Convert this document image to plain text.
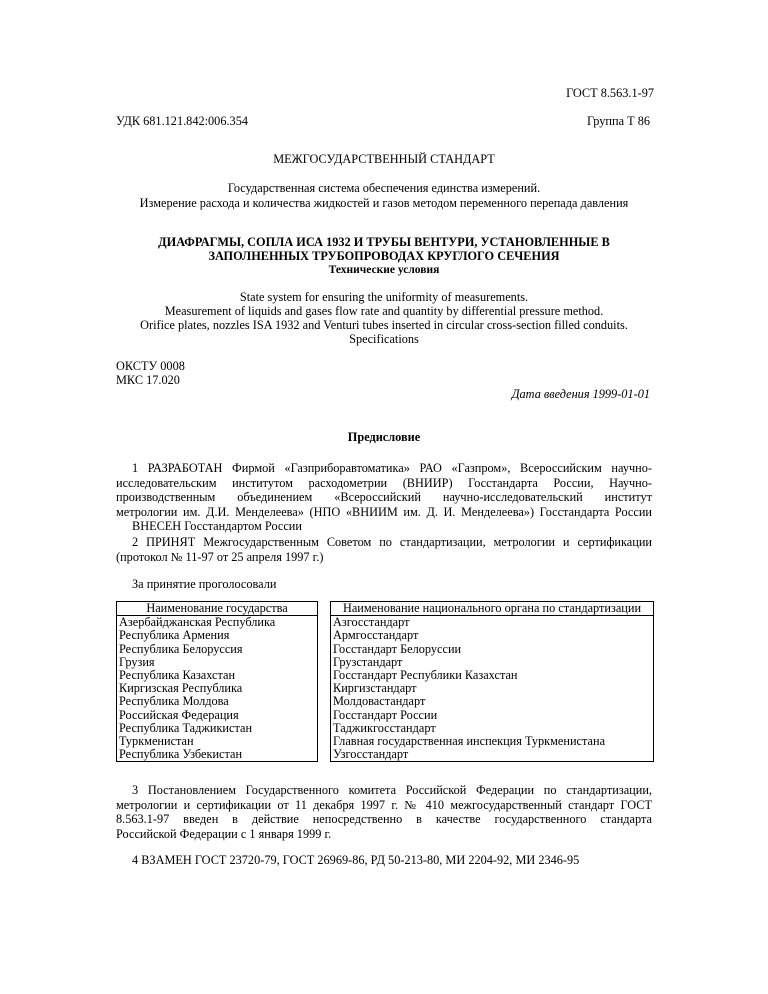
ГОСТ 8.563.1-97
УДК 681.121.842:006.354	Группа Т 86
МЕЖГОСУДАРСТВЕННЫЙ СТАНДАРТ
Государственная система обеспечения единства измерений.
Измерение расхода и количества жидкостей и газов методом переменного перепада давления
ДИАФРАГМЫ, СОПЛА ИСА 1932 И ТРУБЫ ВЕНТУРИ, УСТАНОВЛЕННЫЕ В
ЗАПОЛНЕННЫХ ТРУБОПРОВОДАХ КРУГЛОГО СЕЧЕНИЯ
Технические условия
State system for ensuring the uniformity of measurements.
Measurement of liquids and gases flow rate and quantity by differential pressure method.
Orifice plates, nozzles ISA 1932 and Venturi tubes inserted in circular cross-section filled conduits.
Specifications
ОКСТУ 0008
МКС 17.020
Дата введения 1999-01-01
Предисловие
1 РАЗРАБОТАН Фирмой «Газприборавтоматика» РАО «Газпром», Всероссийским научно-
исследовательским институтом расходометрии (ВНИИР) Госстандарта России, Научно-
производственным объединением «Всероссийский научно-исследовательский институт
метрологии им. Д.И. Менделеева» (НПО «ВНИИМ им. Д. И. Менделеева») Госстандарта России
ВНЕСЕН Госстандартом России
2 ПРИНЯТ Межгосударственным Советом по стандартизации, метрологии и сертификации
(протокол № 11-97 от 25 апреля 1997 г.)
За принятие проголосовали
Наименование государства		Наименование национального органа по стандартизации
Азербайджанская Республика		Азгосстандарт
Республика Армения		Армгосстандарт
Республика Белоруссия		Госстандарт Белоруссии
Грузия		Грузстандарт
Республика Казахстан		Госстандарт Республики Казахстан
Киргизская Республика		Киргизстандарт
Республика Молдова		Молдовастандарт
Российская Федерация		Госстандарт России
Республика Таджикистан		Таджикгосстандарт
Туркменистан		Главная государственная инспекция Туркменистана
Республика Узбекистан		Узгосстандарт
3 Постановлением Государственного комитета Российской Федерации по стандартизации,
метрологии и сертификации от 11 декабря 1997 г. № 410 межгосударственный стандарт ГОСТ
8.563.1-97 введен в действие непосредственно в качестве государственного стандарта
Российской Федерации с 1 января 1999 г.
4 ВЗАМЕН ГОСТ 23720-79, ГОСТ 26969-86, РД 50-213-80, МИ 2204-92, МИ 2346-95
